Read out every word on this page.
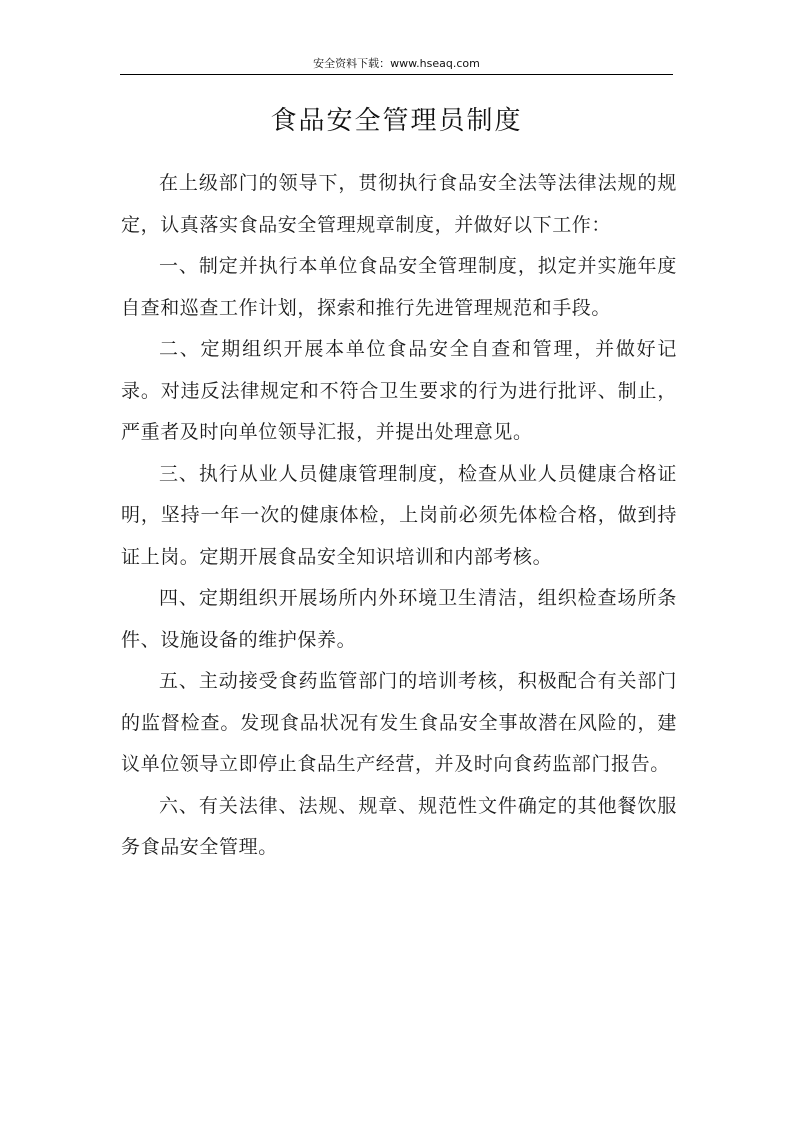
安全资料下载：www.hseaq.com
食品安全管理员制度

在上级部门的领导下，贯彻执行食品安全法等法律法规的规定，认真落实食品安全管理规章制度，并做好以下工作：

一、制定并执行本单位食品安全管理制度，拟定并实施年度自查和巡查工作计划，探索和推行先进管理规范和手段。

二、定期组织开展本单位食品安全自查和管理，并做好记录。对违反法律规定和不符合卫生要求的行为进行批评、制止，严重者及时向单位领导汇报，并提出处理意见。

三、执行从业人员健康管理制度，检查从业人员健康合格证明，坚持一年一次的健康体检，上岗前必须先体检合格，做到持证上岗。定期开展食品安全知识培训和内部考核。

四、定期组织开展场所内外环境卫生清洁，组织检查场所条件、设施设备的维护保养。

五、主动接受食药监管部门的培训考核，积极配合有关部门的监督检查。发现食品状况有发生食品安全事故潜在风险的，建议单位领导立即停止食品生产经营，并及时向食药监部门报告。

六、有关法律、法规、规章、规范性文件确定的其他餐饮服务食品安全管理。
